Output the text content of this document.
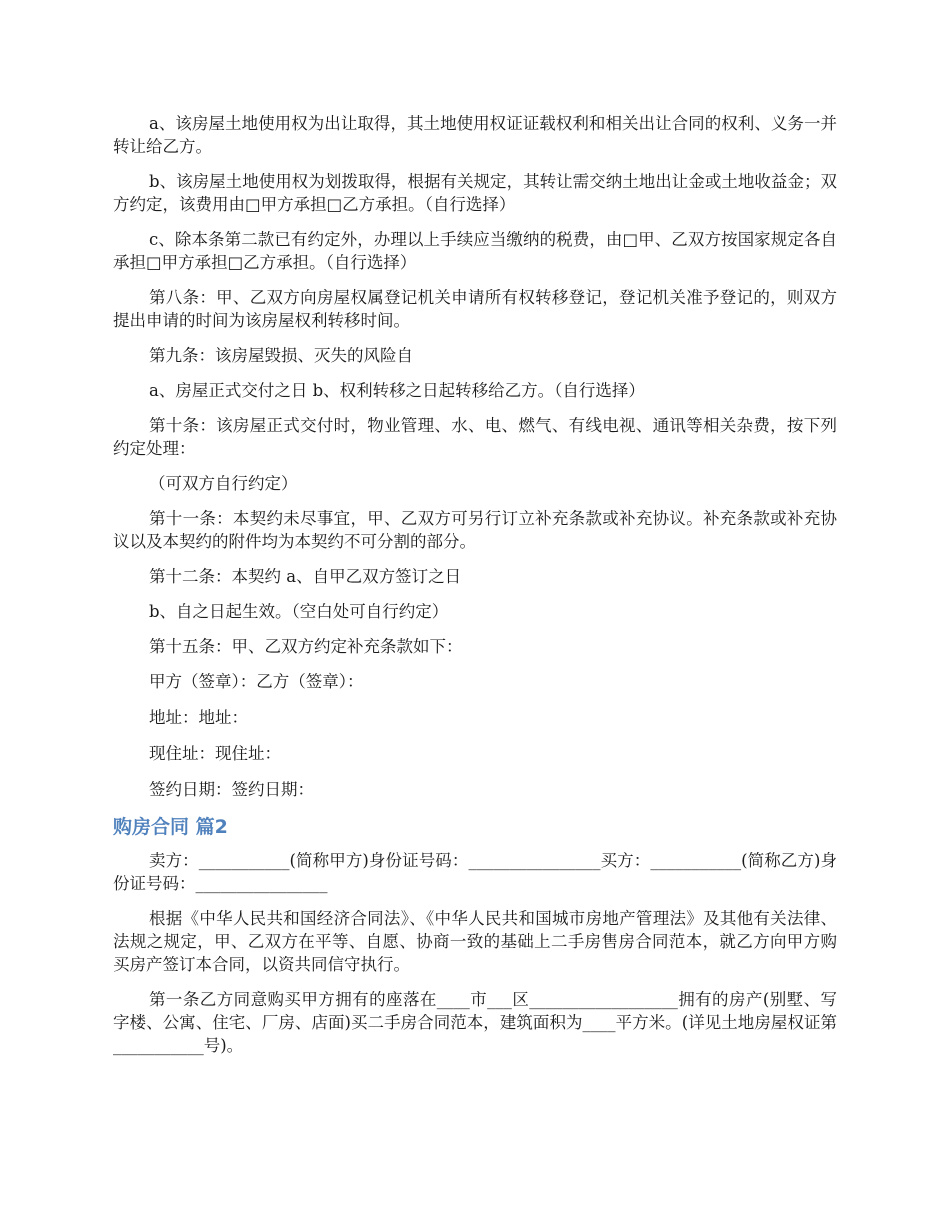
a、该房屋土地使用权为出让取得，其土地使用权证证载权利和相关出让合同的权利、义务一并转让给乙方。

b、该房屋土地使用权为划拨取得，根据有关规定，其转让需交纳土地出让金或土地收益金；双方约定，该费用由□甲方承担□乙方承担。（自行选择）

c、除本条第二款已有约定外，办理以上手续应当缴纳的税费，由□甲、乙双方按国家规定各自承担□甲方承担□乙方承担。（自行选择）

第八条：甲、乙双方向房屋权属登记机关申请所有权转移登记，登记机关准予登记的，则双方提出申请的时间为该房屋权利转移时间。

第九条：该房屋毁损、灭失的风险自

a、房屋正式交付之日 b、权利转移之日起转移给乙方。（自行选择）

第十条：该房屋正式交付时，物业管理、水、电、燃气、有线电视、通讯等相关杂费，按下列约定处理：

（可双方自行约定）

第十一条：本契约未尽事宜，甲、乙双方可另行订立补充条款或补充协议。补充条款或补充协议以及本契约的附件均为本契约不可分割的部分。

第十二条：本契约 a、自甲乙双方签订之日

b、自之日起生效。（空白处可自行约定）

第十五条：甲、乙双方约定补充条款如下：

甲方（签章）：乙方（签章）：

地址：地址：

现住址：现住址：

签约日期：签约日期：

购房合同 篇2

卖方：___________(简称甲方)身份证号码：________________买方：___________(简称乙方)身份证号码：________________

根据《中华人民共和国经济合同法》、《中华人民共和国城市房地产管理法》及其他有关法律、法规之规定，甲、乙双方在平等、自愿、协商一致的基础上二手房售房合同范本，就乙方向甲方购买房产签订本合同，以资共同信守执行。

第一条乙方同意购买甲方拥有的座落在____市___区__________________拥有的房产(别墅、写字楼、公寓、住宅、厂房、店面)买二手房合同范本，建筑面积为____平方米。(详见土地房屋权证第___________号)。
